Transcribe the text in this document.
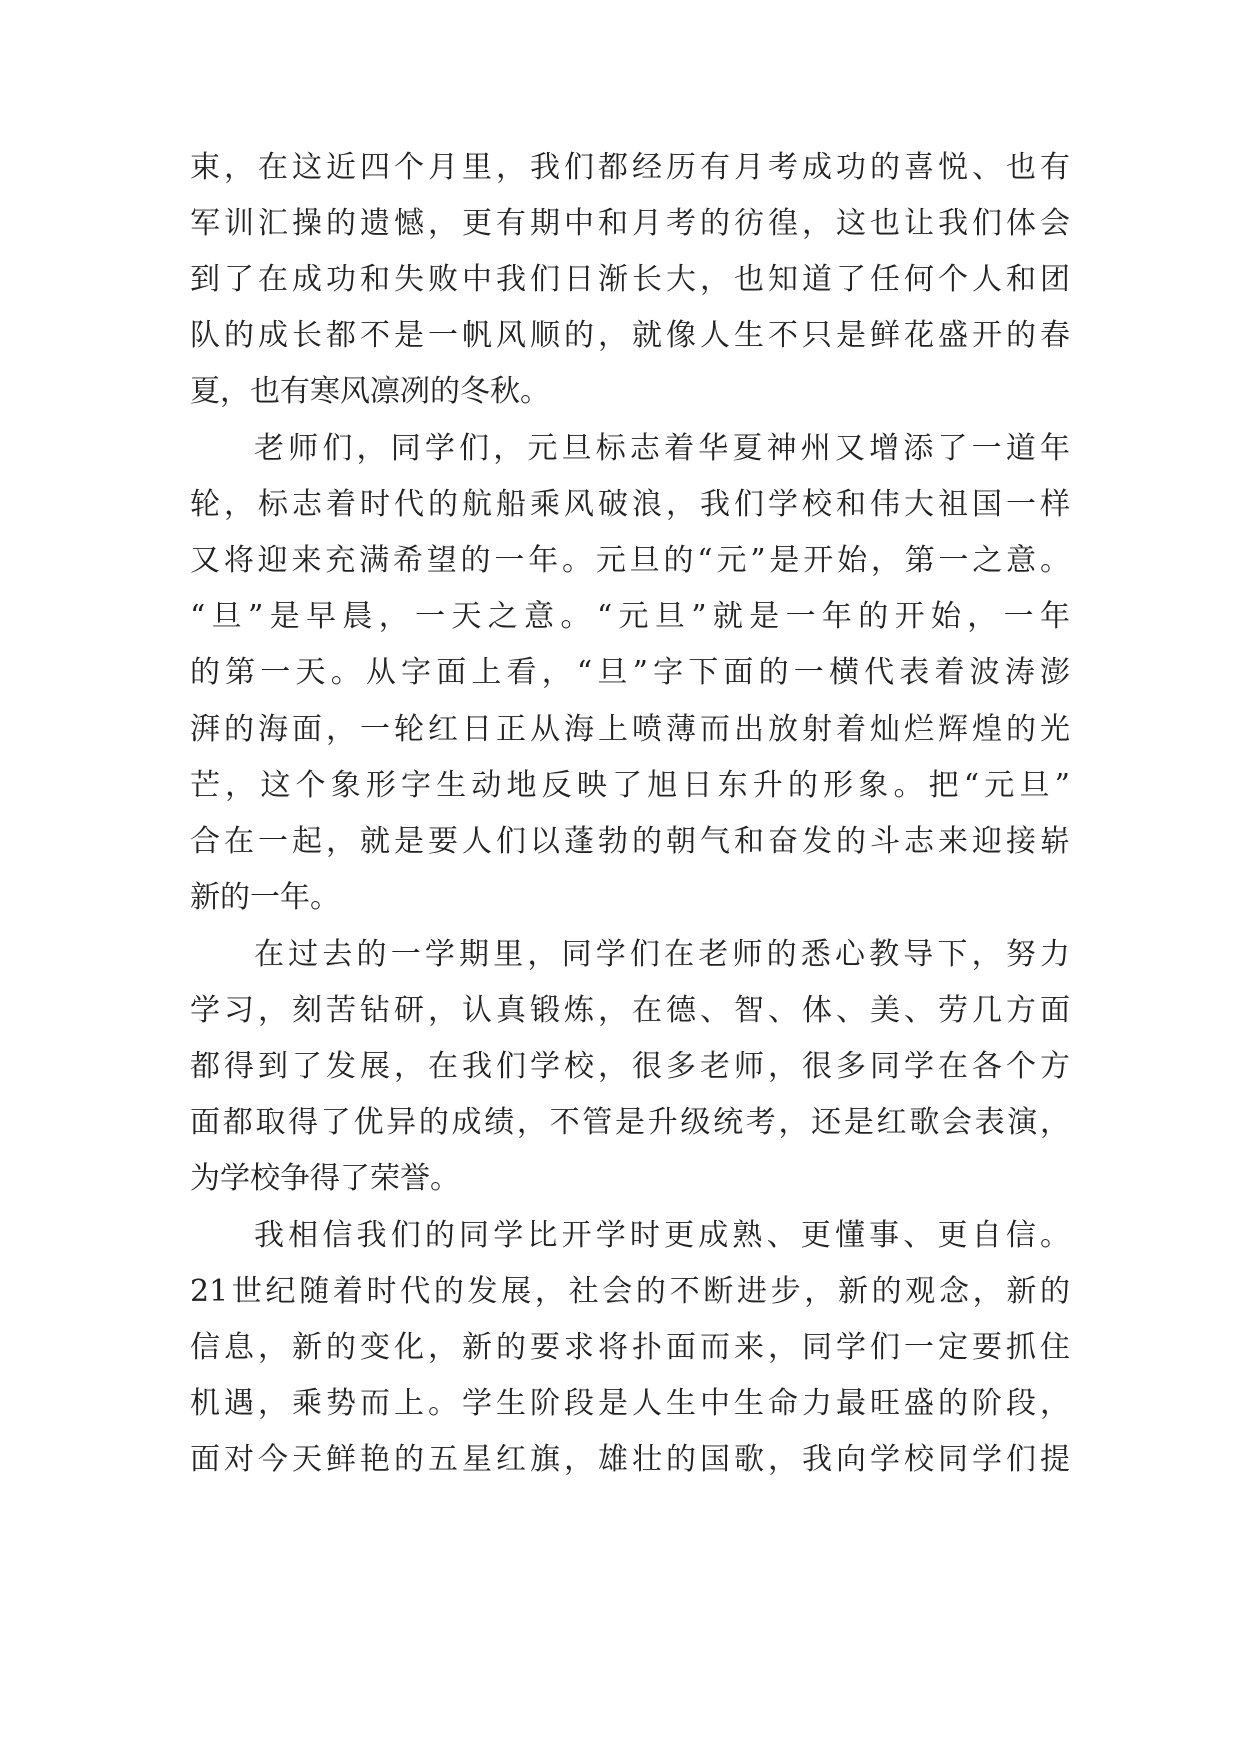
束，在这近四个月里，我们都经历有月考成功的喜悦、也有
军训汇操的遗憾，更有期中和月考的彷徨，这也让我们体会
到了在成功和失败中我们日渐长大，也知道了任何个人和团
队的成长都不是一帆风顺的，就像人生不只是鲜花盛开的春
夏，也有寒风凛冽的冬秋。
老师们，同学们，元旦标志着华夏神州又增添了一道年
轮，标志着时代的航船乘风破浪，我们学校和伟大祖国一样
又将迎来充满希望的一年。元旦的“元”是开始，第一之意。
“旦”是早晨，一天之意。“元旦”就是一年的开始，一年
的第一天。从字面上看，“旦”字下面的一横代表着波涛澎
湃的海面，一轮红日正从海上喷薄而出放射着灿烂辉煌的光
芒，这个象形字生动地反映了旭日东升的形象。把“元旦”
合在一起，就是要人们以蓬勃的朝气和奋发的斗志来迎接崭
新的一年。
在过去的一学期里，同学们在老师的悉心教导下，努力
学习，刻苦钻研，认真锻炼，在德、智、体、美、劳几方面
都得到了发展，在我们学校，很多老师，很多同学在各个方
面都取得了优异的成绩，不管是升级统考，还是红歌会表演，
为学校争得了荣誉。
我相信我们的同学比开学时更成熟、更懂事、更自信。
21世纪随着时代的发展，社会的不断进步，新的观念，新的
信息，新的变化，新的要求将扑面而来，同学们一定要抓住
机遇，乘势而上。学生阶段是人生中生命力最旺盛的阶段，
面对今天鲜艳的五星红旗，雄壮的国歌，我向学校同学们提
